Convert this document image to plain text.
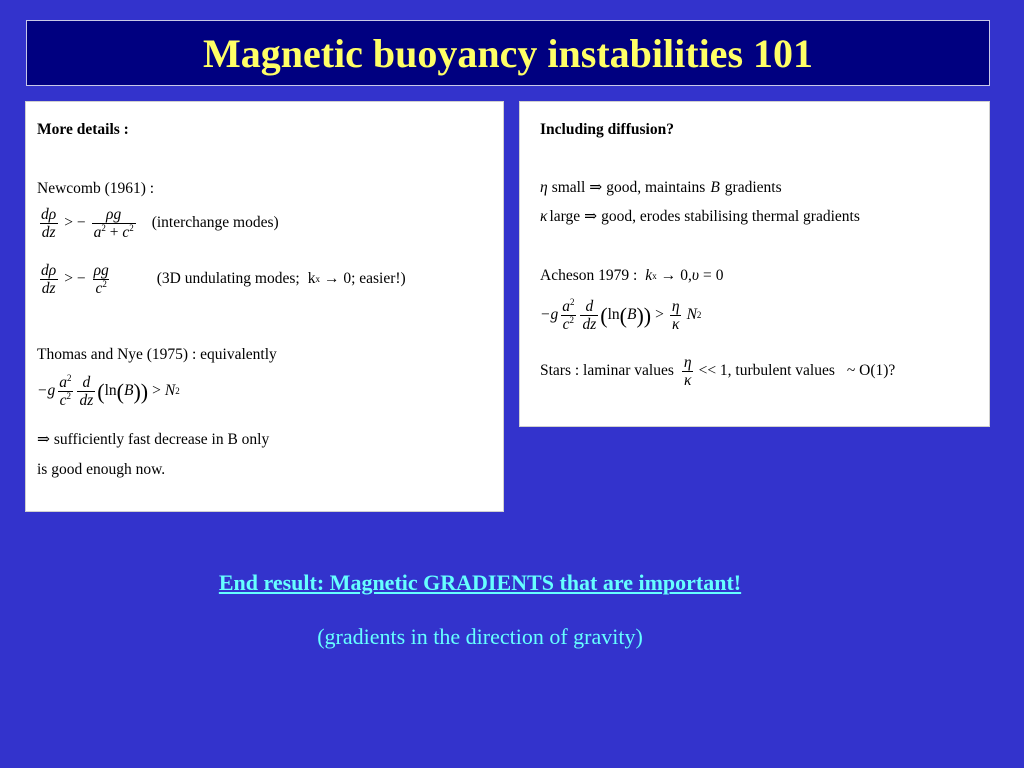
Magnetic buoyancy instabilities 101
More details :
Newcomb (1961) :
$\frac{d\rho}{dz}$ > − $\frac{\rho g}{a^2 + c^2}$ (interchange modes)
$\frac{d\rho}{dz}$ > − $\frac{\rho g}{c^2}$	(3D undulating modes; k x → 0; easier!)
Thomas and Nye (1975) : equivalently
$-g \frac{a^2}{c^2} \frac{d}{dz}$ ( ln ( B )) > N 2
⇒ sufficiently fast decrease in B only
is good enough now.
Including diffusion?
η small ⇒ good, maintains B gradients
κ large ⇒ good, erodes stabilising thermal gradients
Acheson 1979 : k x → 0, υ = 0
$-g \frac{a^2}{c^2} \frac{d}{dz}$ ( ln ( B )) > $\frac{\eta}{\kappa}$ N 2
Stars : laminar values $\frac{\eta}{\kappa} << 1$, turbulent values ~ O(1)?
End result: Magnetic GRADIENTS that are important!
(gradients in the direction of gravity)
